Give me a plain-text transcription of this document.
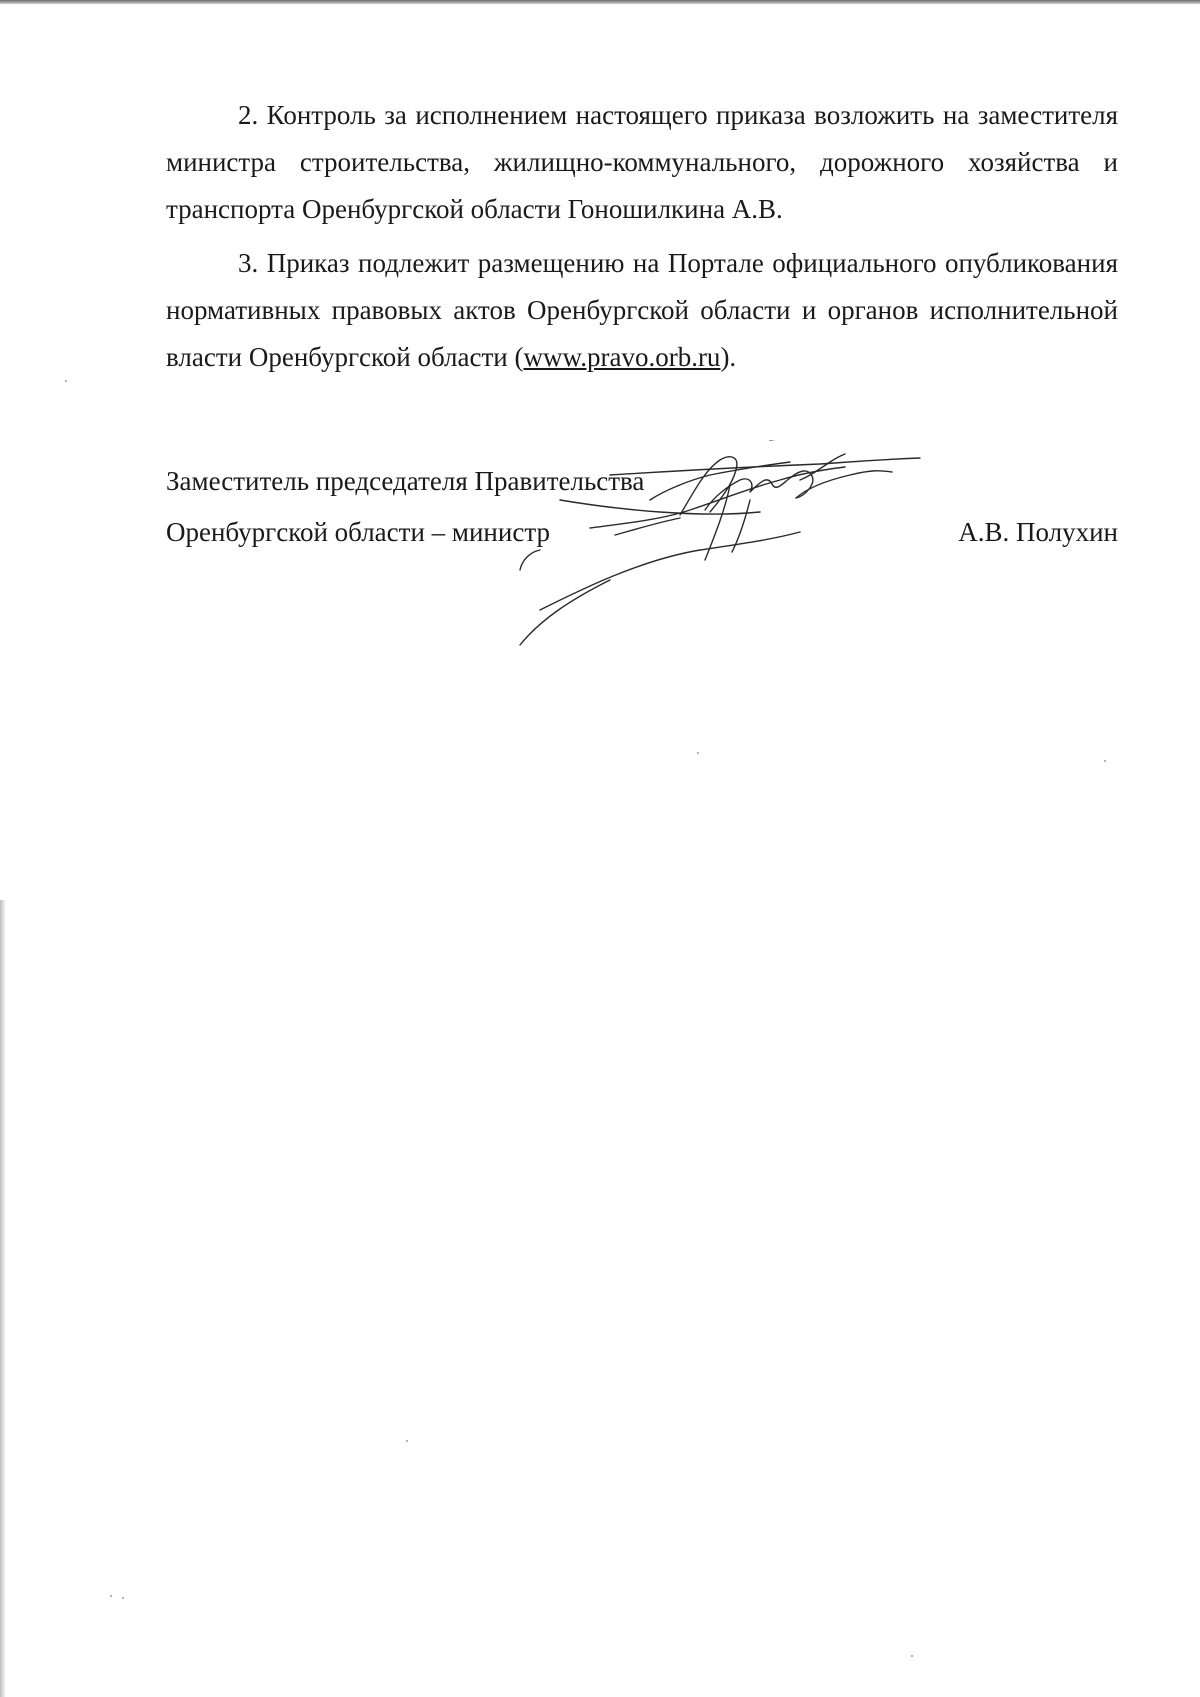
2. Контроль за исполнением настоящего приказа возложить на заместителя министра строительства, жилищно-коммунального, дорожного хозяйства и транспорта Оренбургской области Гоношилкина А.В.

3. Приказ подлежит размещению на Портале официального опубликования нормативных правовых актов Оренбургской области и органов исполнительной власти Оренбургской области (www.pravo.orb.ru).

Заместитель председателя Правительства
Оренбургской области – министр	А.В. Полухин
